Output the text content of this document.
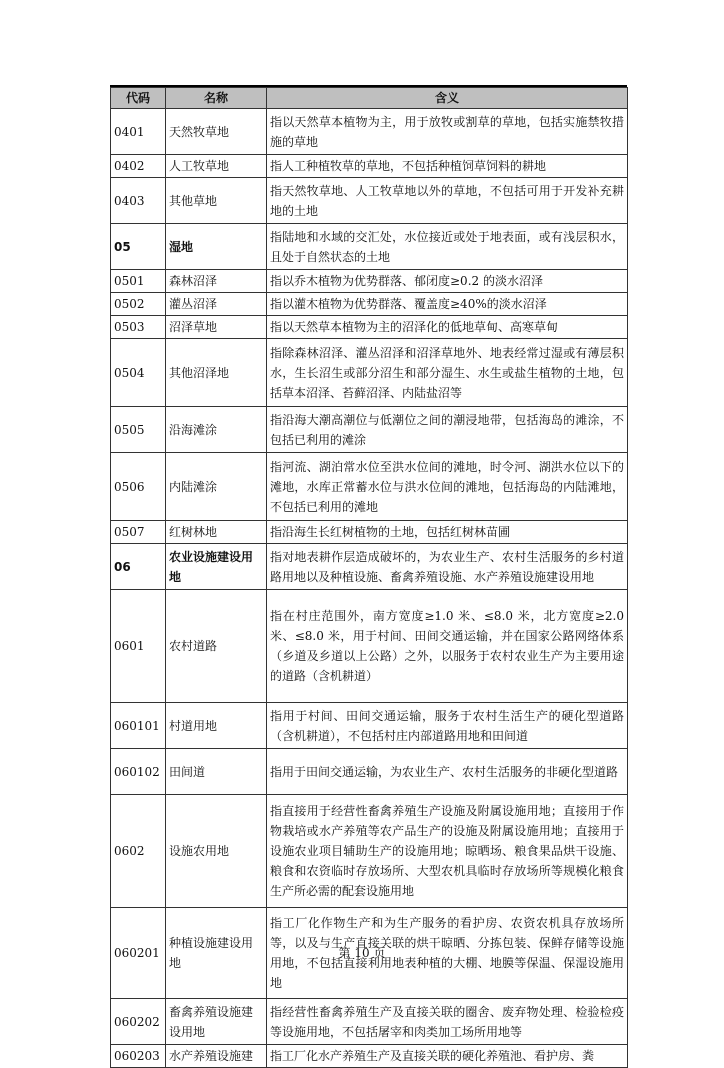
代码	名称	含义
0401	天然牧草地	指以天然草本植物为主，用于放牧或割草的草地，包括实施禁牧措施的草地
0402	人工牧草地	指人工种植牧草的草地，不包括种植饲草饲料的耕地
0403	其他草地	指天然牧草地、人工牧草地以外的草地，不包括可用于开发补充耕地的土地
05	湿地	指陆地和水域的交汇处，水位接近或处于地表面，或有浅层积水，且处于自然状态的土地
0501	森林沼泽	指以乔木植物为优势群落、郁闭度≥0.2 的淡水沼泽
0502	灌丛沼泽	指以灌木植物为优势群落、覆盖度≥40%的淡水沼泽
0503	沼泽草地	指以天然草本植物为主的沼泽化的低地草甸、高寒草甸
0504	其他沼泽地	指除森林沼泽、灌丛沼泽和沼泽草地外、地表经常过湿或有薄层积水，生长沼生或部分沼生和部分湿生、水生或盐生植物的土地，包括草本沼泽、苔藓沼泽、内陆盐沼等
0505	沿海滩涂	指沿海大潮高潮位与低潮位之间的潮浸地带，包括海岛的滩涂，不包括已利用的滩涂
0506	内陆滩涂	指河流、湖泊常水位至洪水位间的滩地，时令河、湖洪水位以下的滩地，水库正常蓄水位与洪水位间的滩地，包括海岛的内陆滩地，不包括已利用的滩地
0507	红树林地	指沿海生长红树植物的土地，包括红树林苗圃
06	农业设施建设用地	指对地表耕作层造成破坏的，为农业生产、农村生活服务的乡村道路用地以及种植设施、畜禽养殖设施、水产养殖设施建设用地
0601	农村道路	指在村庄范围外，南方宽度≥1.0 米、≤8.0 米，北方宽度≥2.0 米、≤8.0 米，用于村间、田间交通运输，并在国家公路网络体系（乡道及乡道以上公路）之外，以服务于农村农业生产为主要用途的道路（含机耕道）
060101	村道用地	指用于村间、田间交通运输，服务于农村生活生产的硬化型道路（含机耕道），不包括村庄内部道路用地和田间道
060102	田间道	指用于田间交通运输，为农业生产、农村生活服务的非硬化型道路
0602	设施农用地	指直接用于经营性畜禽养殖生产设施及附属设施用地；直接用于作物栽培或水产养殖等农产品生产的设施及附属设施用地；直接用于设施农业项目辅助生产的设施用地；晾晒场、粮食果品烘干设施、粮食和农资临时存放场所、大型农机具临时存放场所等规模化粮食生产所必需的配套设施用地
060201	种植设施建设用地	指工厂化作物生产和为生产服务的看护房、农资农机具存放场所等，以及与生产直接关联的烘干晾晒、分拣包装、保鲜存储等设施用地，不包括直接利用地表种植的大棚、地膜等保温、保湿设施用地
060202	畜禽养殖设施建设用地	指经营性畜禽养殖生产及直接关联的圈舍、废弃物处理、检验检疫等设施用地，不包括屠宰和肉类加工场所用地等
060203	水产养殖设施建	指工厂化水产养殖生产及直接关联的硬化养殖池、看护房、粪
第 10 页
